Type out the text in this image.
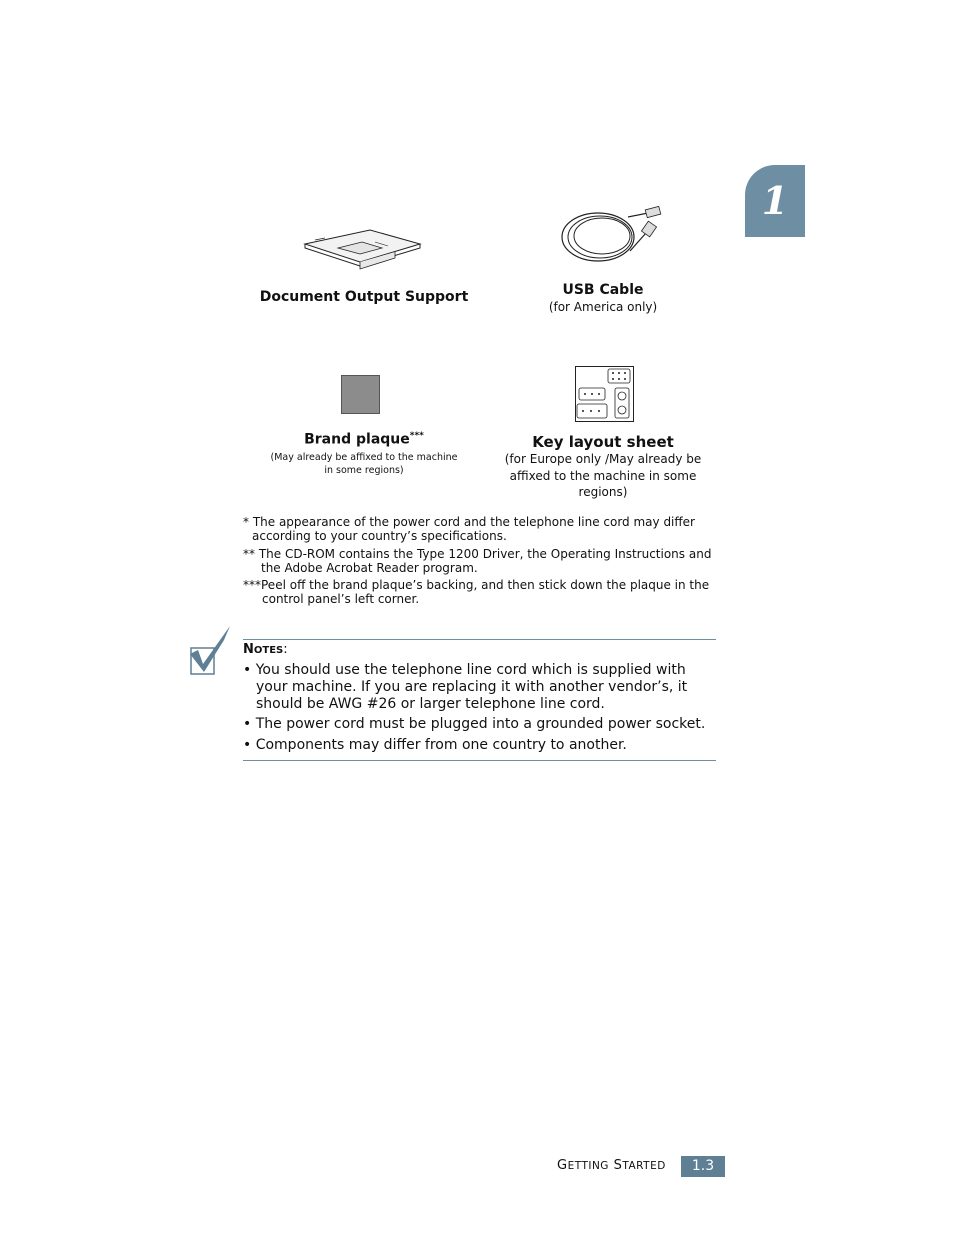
1
Document Output Support	USB Cable
(for America only)
Brand plaque***
(May already be affixed to the machine
in some regions)
Key layout sheet
(for Europe only /May already be
affixed to the machine in some
regions)
* The appearance of the power cord and the telephone line cord may differ
according to your country’s specifications.
** The CD-ROM contains the Type 1200 Driver, the Operating Instructions and
the Adobe Acrobat Reader program.
***Peel off the brand plaque’s backing, and then stick down the plaque in the
control panel’s left corner.
NOTES:
• You should use the telephone line cord which is supplied with
your machine. If you are replacing it with another vendor’s, it
should be AWG #26 or larger telephone line cord.
• The power cord must be plugged into a grounded power socket.
• Components may differ from one country to another.
GETTING STARTED	1.3
